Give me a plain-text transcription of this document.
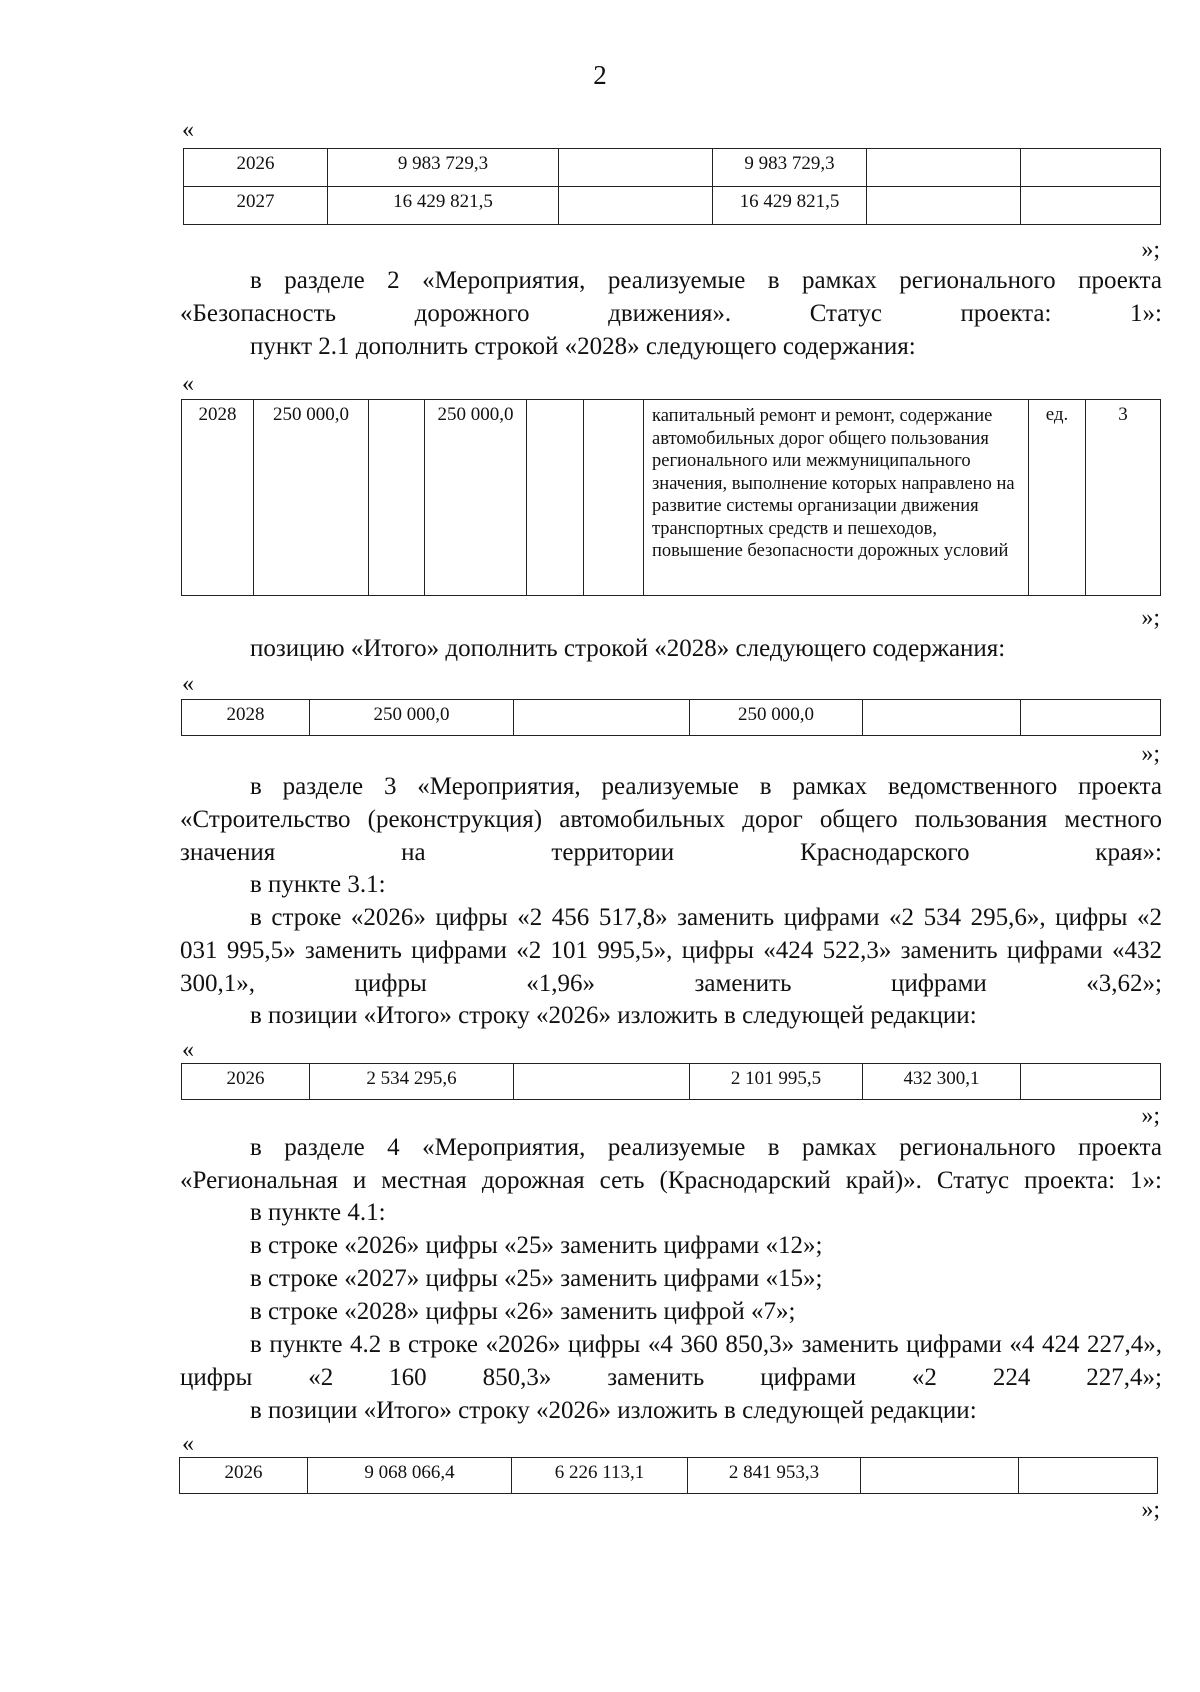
2
«
2026	9 983 729,3		9 983 729,3		
2027	16 429 821,5		16 429 821,5		
»;
в разделе 2 «Мероприятия, реализуемые в рамках регионального проекта «Безопасность дорожного движения». Статус проекта: 1»:
пункт 2.1 дополнить строкой «2028» следующего содержания:
«
2028	250 000,0		250 000,0			капитальный ремонт и ремонт, содержание автомобильных дорог общего пользования регионального или межмуниципального значения, выполнение которых направлено на развитие системы организации движения транспортных средств и пешеходов, повышение безопасности дорожных условий	ед.	3
»;
позицию «Итого» дополнить строкой «2028» следующего содержания:
«
2028	250 000,0		250 000,0		
»;
в разделе 3 «Мероприятия, реализуемые в рамках ведомственного проекта «Строительство (реконструкция) автомобильных дорог общего пользования местного значения на территории Краснодарского края»:
в пункте 3.1:
в строке «2026» цифры «2 456 517,8» заменить цифрами «2 534 295,6», цифры «2 031 995,5» заменить цифрами «2 101 995,5», цифры «424 522,3» заменить цифрами «432 300,1», цифры «1,96» заменить цифрами «3,62»;
в позиции «Итого» строку «2026» изложить в следующей редакции:
«
2026	2 534 295,6		2 101 995,5	432 300,1	
»;
в разделе 4 «Мероприятия, реализуемые в рамках регионального проекта «Региональная и местная дорожная сеть (Краснодарский край)». Статус проекта: 1»:
в пункте 4.1:
в строке «2026» цифры «25» заменить цифрами «12»;
в строке «2027» цифры «25» заменить цифрами «15»;
в строке «2028» цифры «26» заменить цифрой «7»;
в пункте 4.2 в строке «2026» цифры «4 360 850,3» заменить цифрами «4 424 227,4», цифры «2 160 850,3» заменить цифрами «2 224 227,4»;
в позиции «Итого» строку «2026» изложить в следующей редакции:
«
2026	9 068 066,4	6 226 113,1	2 841 953,3		
»;
